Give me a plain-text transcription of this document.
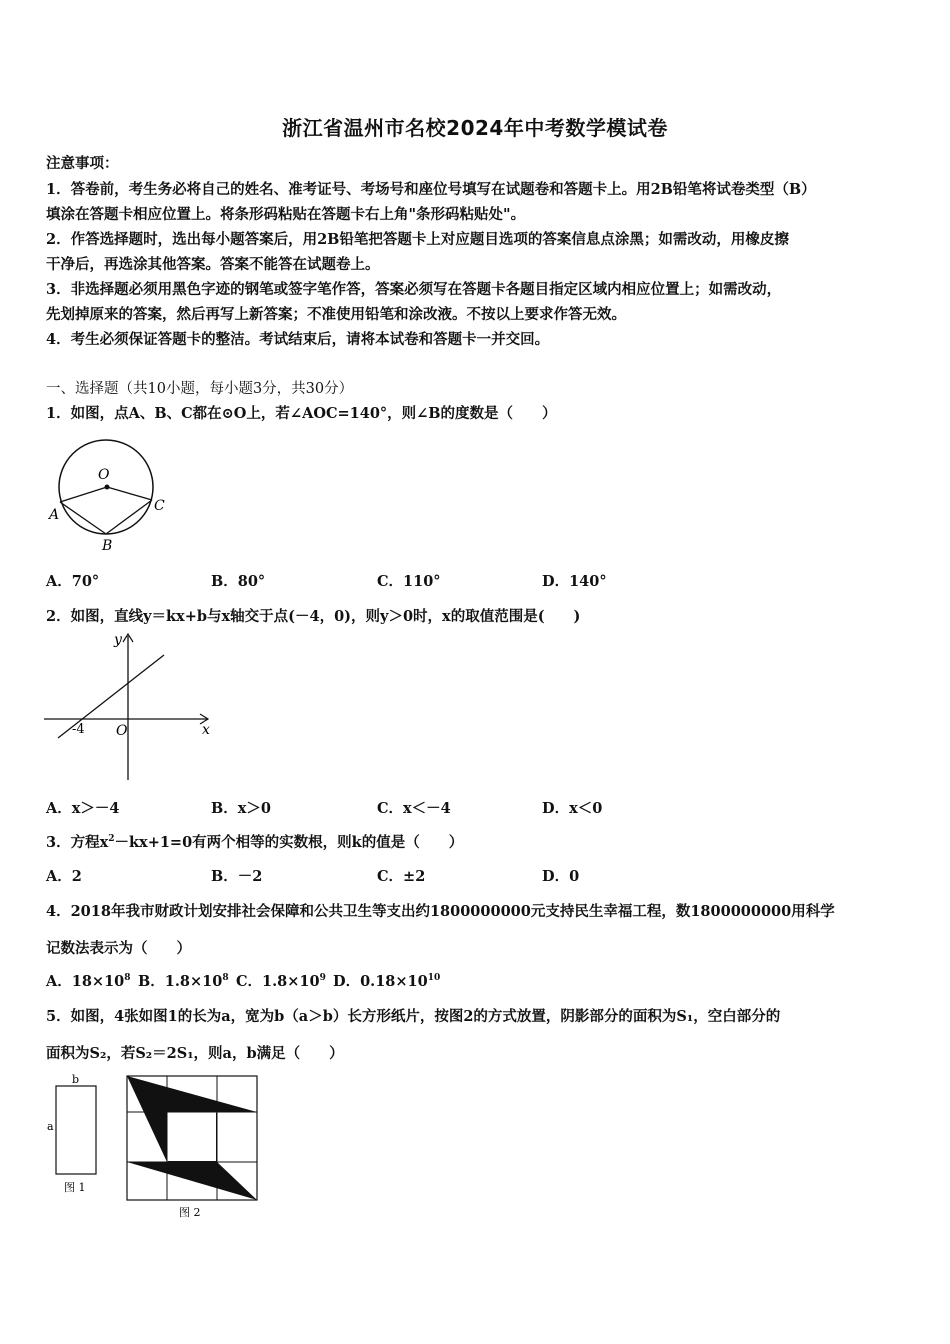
浙江省温州市名校2024年中考数学模试卷
注意事项：
1．答卷前，考生务必将自己的姓名、准考证号、考场号和座位号填写在试题卷和答题卡上。用2B铅笔将试卷类型（B）
填涂在答题卡相应位置上。将条形码粘贴在答题卡右上角"条形码粘贴处"。
2．作答选择题时，选出每小题答案后，用2B铅笔把答题卡上对应题目选项的答案信息点涂黑；如需改动，用橡皮擦
干净后，再选涂其他答案。答案不能答在试题卷上。
3．非选择题必须用黑色字迹的钢笔或签字笔作答，答案必须写在答题卡各题目指定区域内相应位置上；如需改动，
先划掉原来的答案，然后再写上新答案；不准使用铅笔和涂改液。不按以上要求作答无效。
4．考生必须保证答题卡的整洁。考试结束后，请将本试卷和答题卡一并交回。
一、选择题（共10小题，每小题3分，共30分）
1．如图，点A、B、C都在⊙O上，若∠AOC=140°，则∠B的度数是（　　）
O
A
B
C
A．70°	B．80°	C．110°	D．140°
2．如图，直线y＝kx+b与x轴交于点(－4，0)，则y＞0时，x的取值范围是(　　)
y
x
O
-4
A．x＞－4	B．x＞0	C．x＜－4	D．x＜0
3．方程$x^2-kx+1=0$有两个相等的实数根，则k的值是（　　）
A．2	B．－2	C．±2	D．0
4．2018年我市财政计划安排社会保障和公共卫生等支出约1800000000元支持民生幸福工程，数1800000000用科学
记数法表示为（　　）
A．$18\times 10^8$ B．$1.8\times 10^8$ C．$1.8\times 10^9$ D．$0.18\times 10^{10}$
5．如图，4张如图1的长为a，宽为b（a＞b）长方形纸片，按图2的方式放置，阴影部分的面积为S₁，空白部分的
面积为S₂，若S₂＝2S₁，则a，b满足（　　）
b
a
图 1
图 2
